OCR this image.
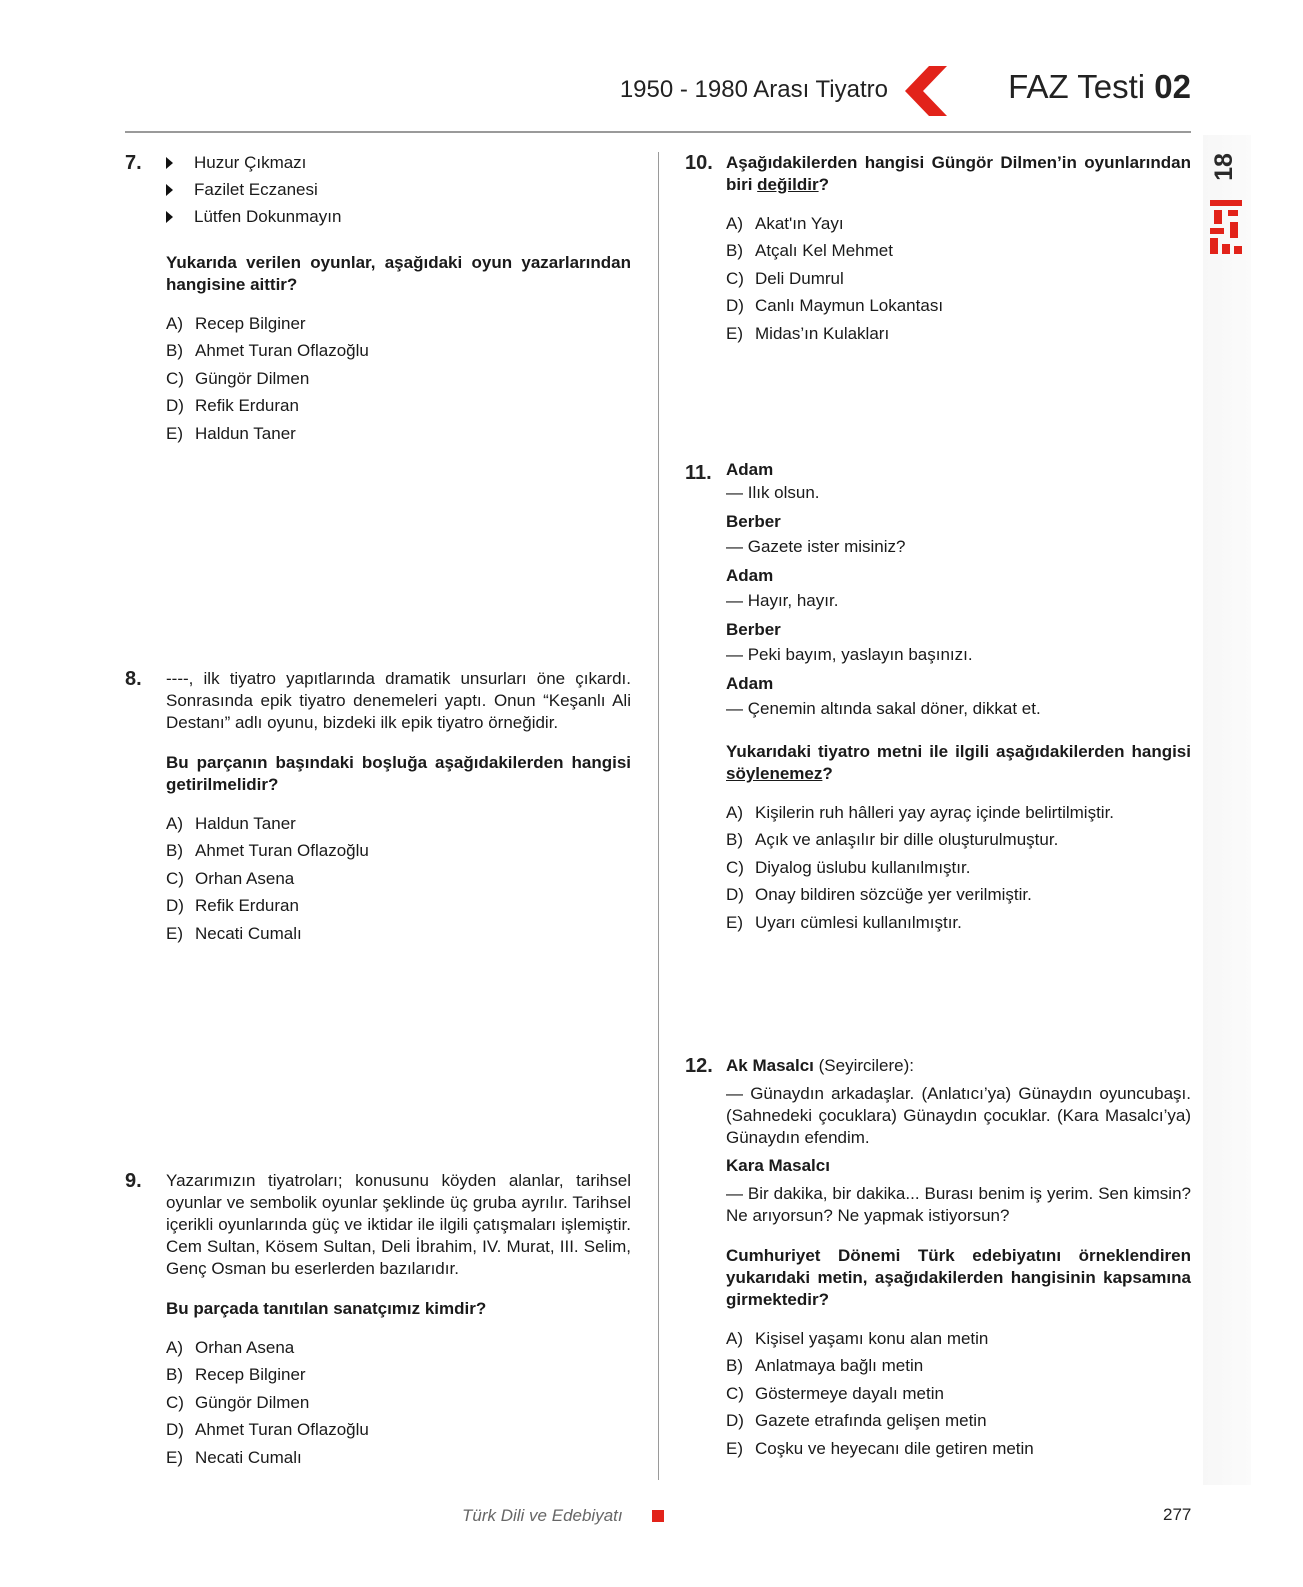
1950 - 1980 Arası Tiyatro	FAZ Testi 02
18
7.	Huzur Çıkmazı
Fazilet Eczanesi
Lütfen Dokunmayın
Yukarıda verilen oyunlar, aşağıdaki oyun yazarlarından hangisine aittir?
A) Recep Bilginer
B) Ahmet Turan Oflazoğlu
C) Güngör Dilmen
D) Refik Erduran
E) Haldun Taner
8. ----, ilk tiyatro yapıtlarında dramatik unsurları öne çıkardı. Sonrasında epik tiyatro denemeleri yaptı. Onun “Keşanlı Ali Destanı” adlı oyunu, bizdeki ilk epik tiyatro örneğidir.
Bu parçanın başındaki boşluğa aşağıdakilerden hangisi getirilmelidir?
A) Haldun Taner
B) Ahmet Turan Oflazoğlu
C) Orhan Asena
D) Refik Erduran
E) Necati Cumalı
9. Yazarımızın tiyatroları; konusunu köyden alanlar, tarihsel oyunlar ve sembolik oyunlar şeklinde üç gruba ayrılır. Tarihsel içerikli oyunlarında güç ve iktidar ile ilgili çatışmaları işlemiştir. Cem Sultan, Kösem Sultan, Deli İbrahim, IV. Murat, III. Selim, Genç Osman bu eserlerden bazılarıdır.
Bu parçada tanıtılan sanatçımız kimdir?
A) Orhan Asena
B) Recep Bilginer
C) Güngör Dilmen
D) Ahmet Turan Oflazoğlu
E) Necati Cumalı
10. Aşağıdakilerden hangisi Güngör Dilmen’in oyunlarından biri değildir?
A) Akat'ın Yayı
B) Atçalı Kel Mehmet
C) Deli Dumrul
D) Canlı Maymun Lokantası
E) Midas’ın Kulakları
11. Adam
— Ilık olsun.
Berber
— Gazete ister misiniz?
Adam
— Hayır, hayır.
Berber
— Peki bayım, yaslayın başınızı.
Adam
— Çenemin altında sakal döner, dikkat et.
Yukarıdaki tiyatro metni ile ilgili aşağıdakilerden hangisi söylenemez?
A) Kişilerin ruh hâlleri yay ayraç içinde belirtilmiştir.
B) Açık ve anlaşılır bir dille oluşturulmuştur.
C) Diyalog üslubu kullanılmıştır.
D) Onay bildiren sözcüğe yer verilmiştir.
E) Uyarı cümlesi kullanılmıştır.
12. Ak Masalcı (Seyircilere):
— Günaydın arkadaşlar. (Anlatıcı’ya) Günaydın oyuncubaşı. (Sahnedeki çocuklara) Günaydın çocuklar. (Kara Masalcı’ya) Günaydın efendim.
Kara Masalcı
— Bir dakika, bir dakika... Burası benim iş yerim. Sen kimsin? Ne arıyorsun? Ne yapmak istiyorsun?
Cumhuriyet Dönemi Türk edebiyatını örneklendiren yukarıdaki metin, aşağıdakilerden hangisinin kapsamına girmektedir?
A) Kişisel yaşamı konu alan metin
B) Anlatmaya bağlı metin
C) Göstermeye dayalı metin
D) Gazete etrafında gelişen metin
E) Coşku ve heyecanı dile getiren metin
Türk Dili ve Edebiyatı	277
